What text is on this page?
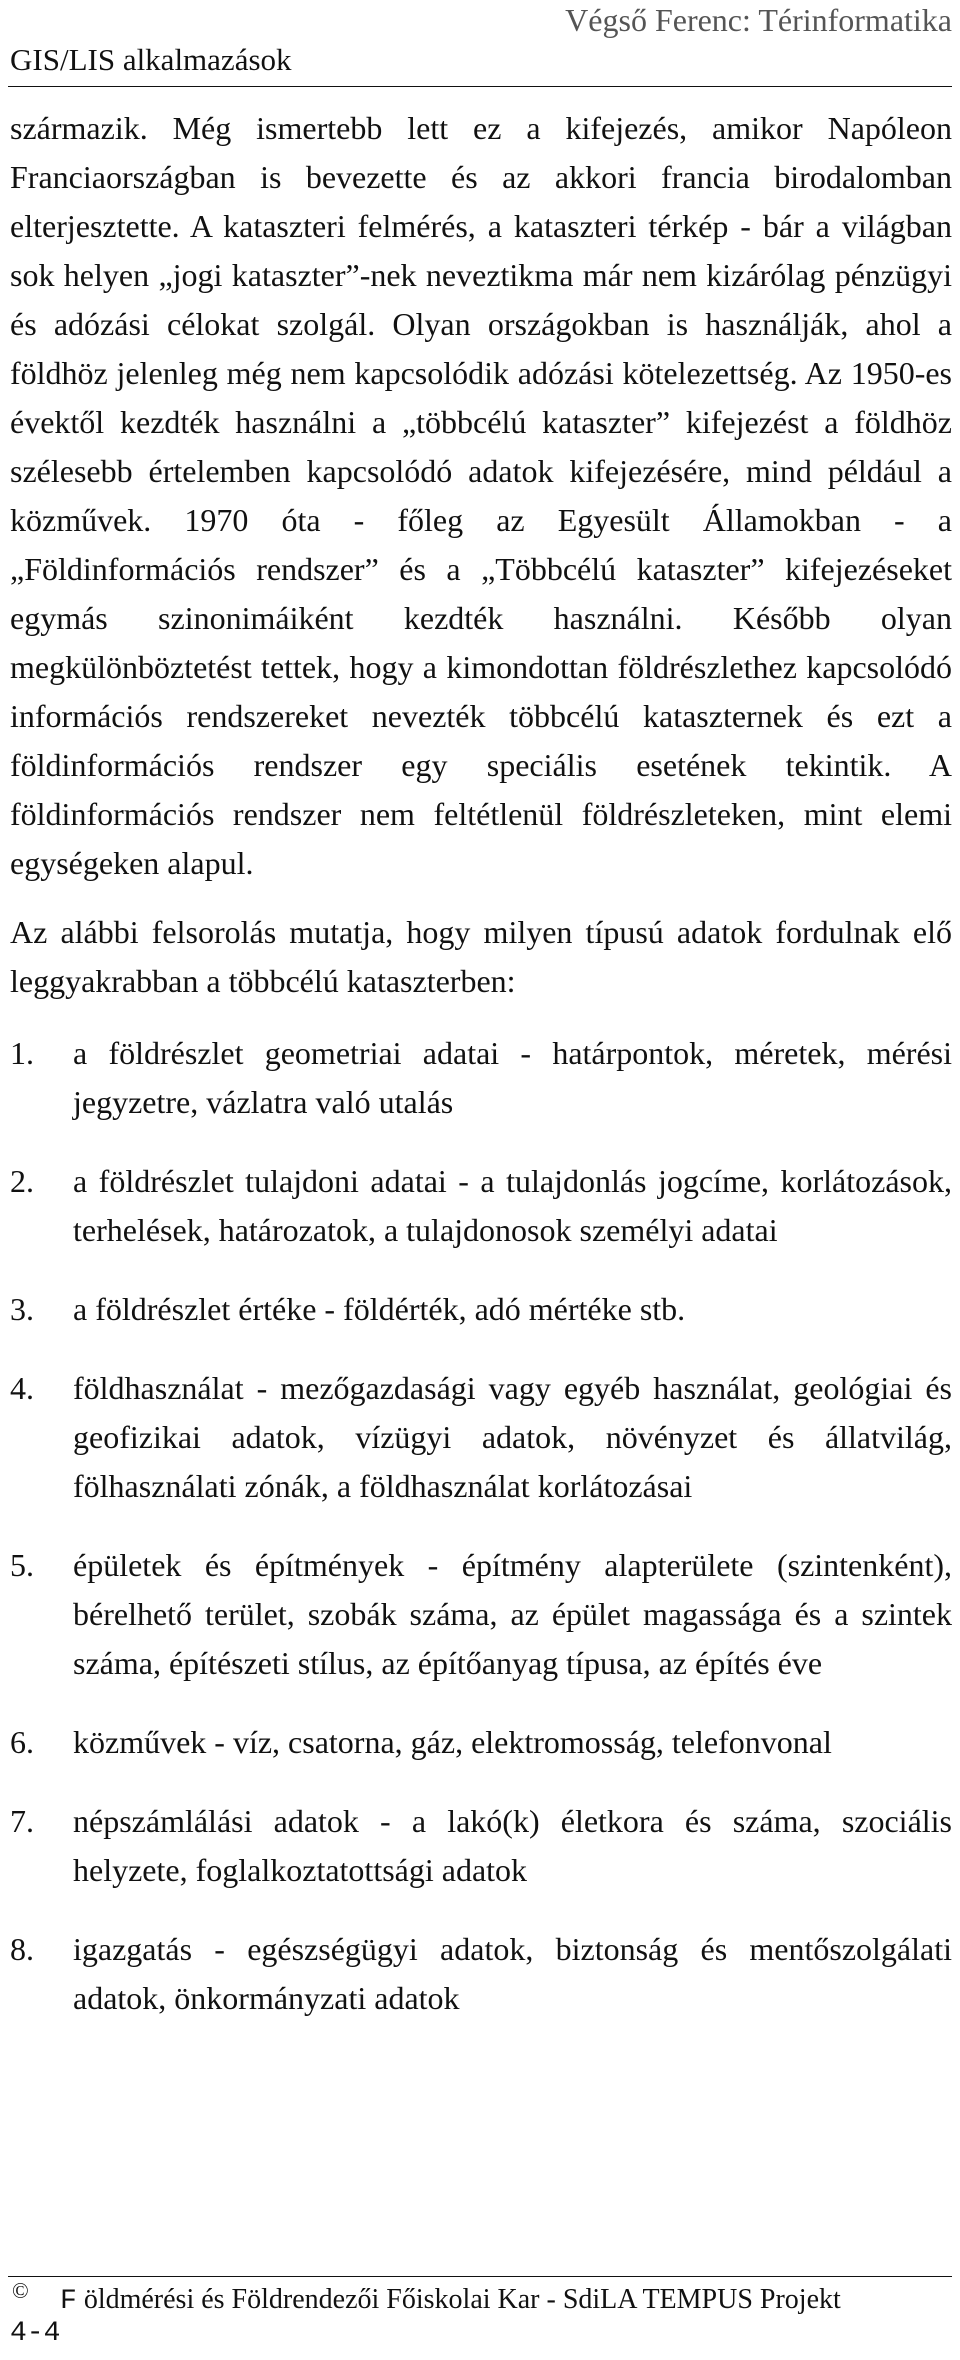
Végső Ferenc: Térinformatika
GIS/LIS alkalmazások

származik. Még ismertebb lett ez a kifejezés, amikor Napóleon Franciaországban is bevezette és az akkori francia birodalomban elterjesztette. A kataszteri felmérés, a kataszteri térkép - bár a világban sok helyen „jogi kataszter”-nek neveztikma már nem kizárólag pénzügyi és adózási célokat szolgál. Olyan országokban is használják, ahol a földhöz jelenleg még nem kapcsolódik adózási kötelezettség. Az 1950-es évektől kezdték használni a „többcélú kataszter” kifejezést a földhöz szélesebb értelemben kapcsolódó adatok kifejezésére, mind például a közművek. 1970 óta - főleg az Egyesült Államokban - a „Földinformációs rendszer” és a „Többcélú kataszter” kifejezéseket egymás szinonimáiként kezdték használni. Később olyan megkülönböztetést tettek, hogy a kimondottan földrészlethez kapcsolódó információs rendszereket nevezték többcélú kataszternek és ezt a földinformációs rendszer egy speciális esetének tekintik. A földinformációs rendszer nem feltétlenül földrészleteken, mint elemi egységeken alapul.

Az alábbi felsorolás mutatja, hogy milyen típusú adatok fordulnak elő leggyakrabban a többcélú kataszterben:

1. a földrészlet geometriai adatai - határpontok, méretek, mérési jegyzetre, vázlatra való utalás
2. a földrészlet tulajdoni adatai - a tulajdonlás jogcíme, korlátozások, terhelések, határozatok, a tulajdonosok személyi adatai
3. a földrészlet értéke - földérték, adó mértéke stb.
4. földhasználat - mezőgazdasági vagy egyéb használat, geológiai és geofizikai adatok, vízügyi adatok, növényzet és állatvilág, fölhasználati zónák, a földhasználat korlátozásai
5. épületek és építmények - építmény alapterülete (szintenként), bérelhető terület, szobák száma, az épület magassága és a szintek száma, építészeti stílus, az építőanyag típusa, az építés éve
6. közművek - víz, csatorna, gáz, elektromosság, telefonvonal
7. népszámlálási adatok - a lakó(k) életkora és száma, szociális helyzete, foglalkoztatottsági adatok
8. igazgatás - egészségügyi adatok, biztonság és mentőszolgálati adatok, önkormányzati adatok
© F öldmérési és Földrendezői Főiskolai Kar - SdiLA TEMPUS Projekt
4-4
